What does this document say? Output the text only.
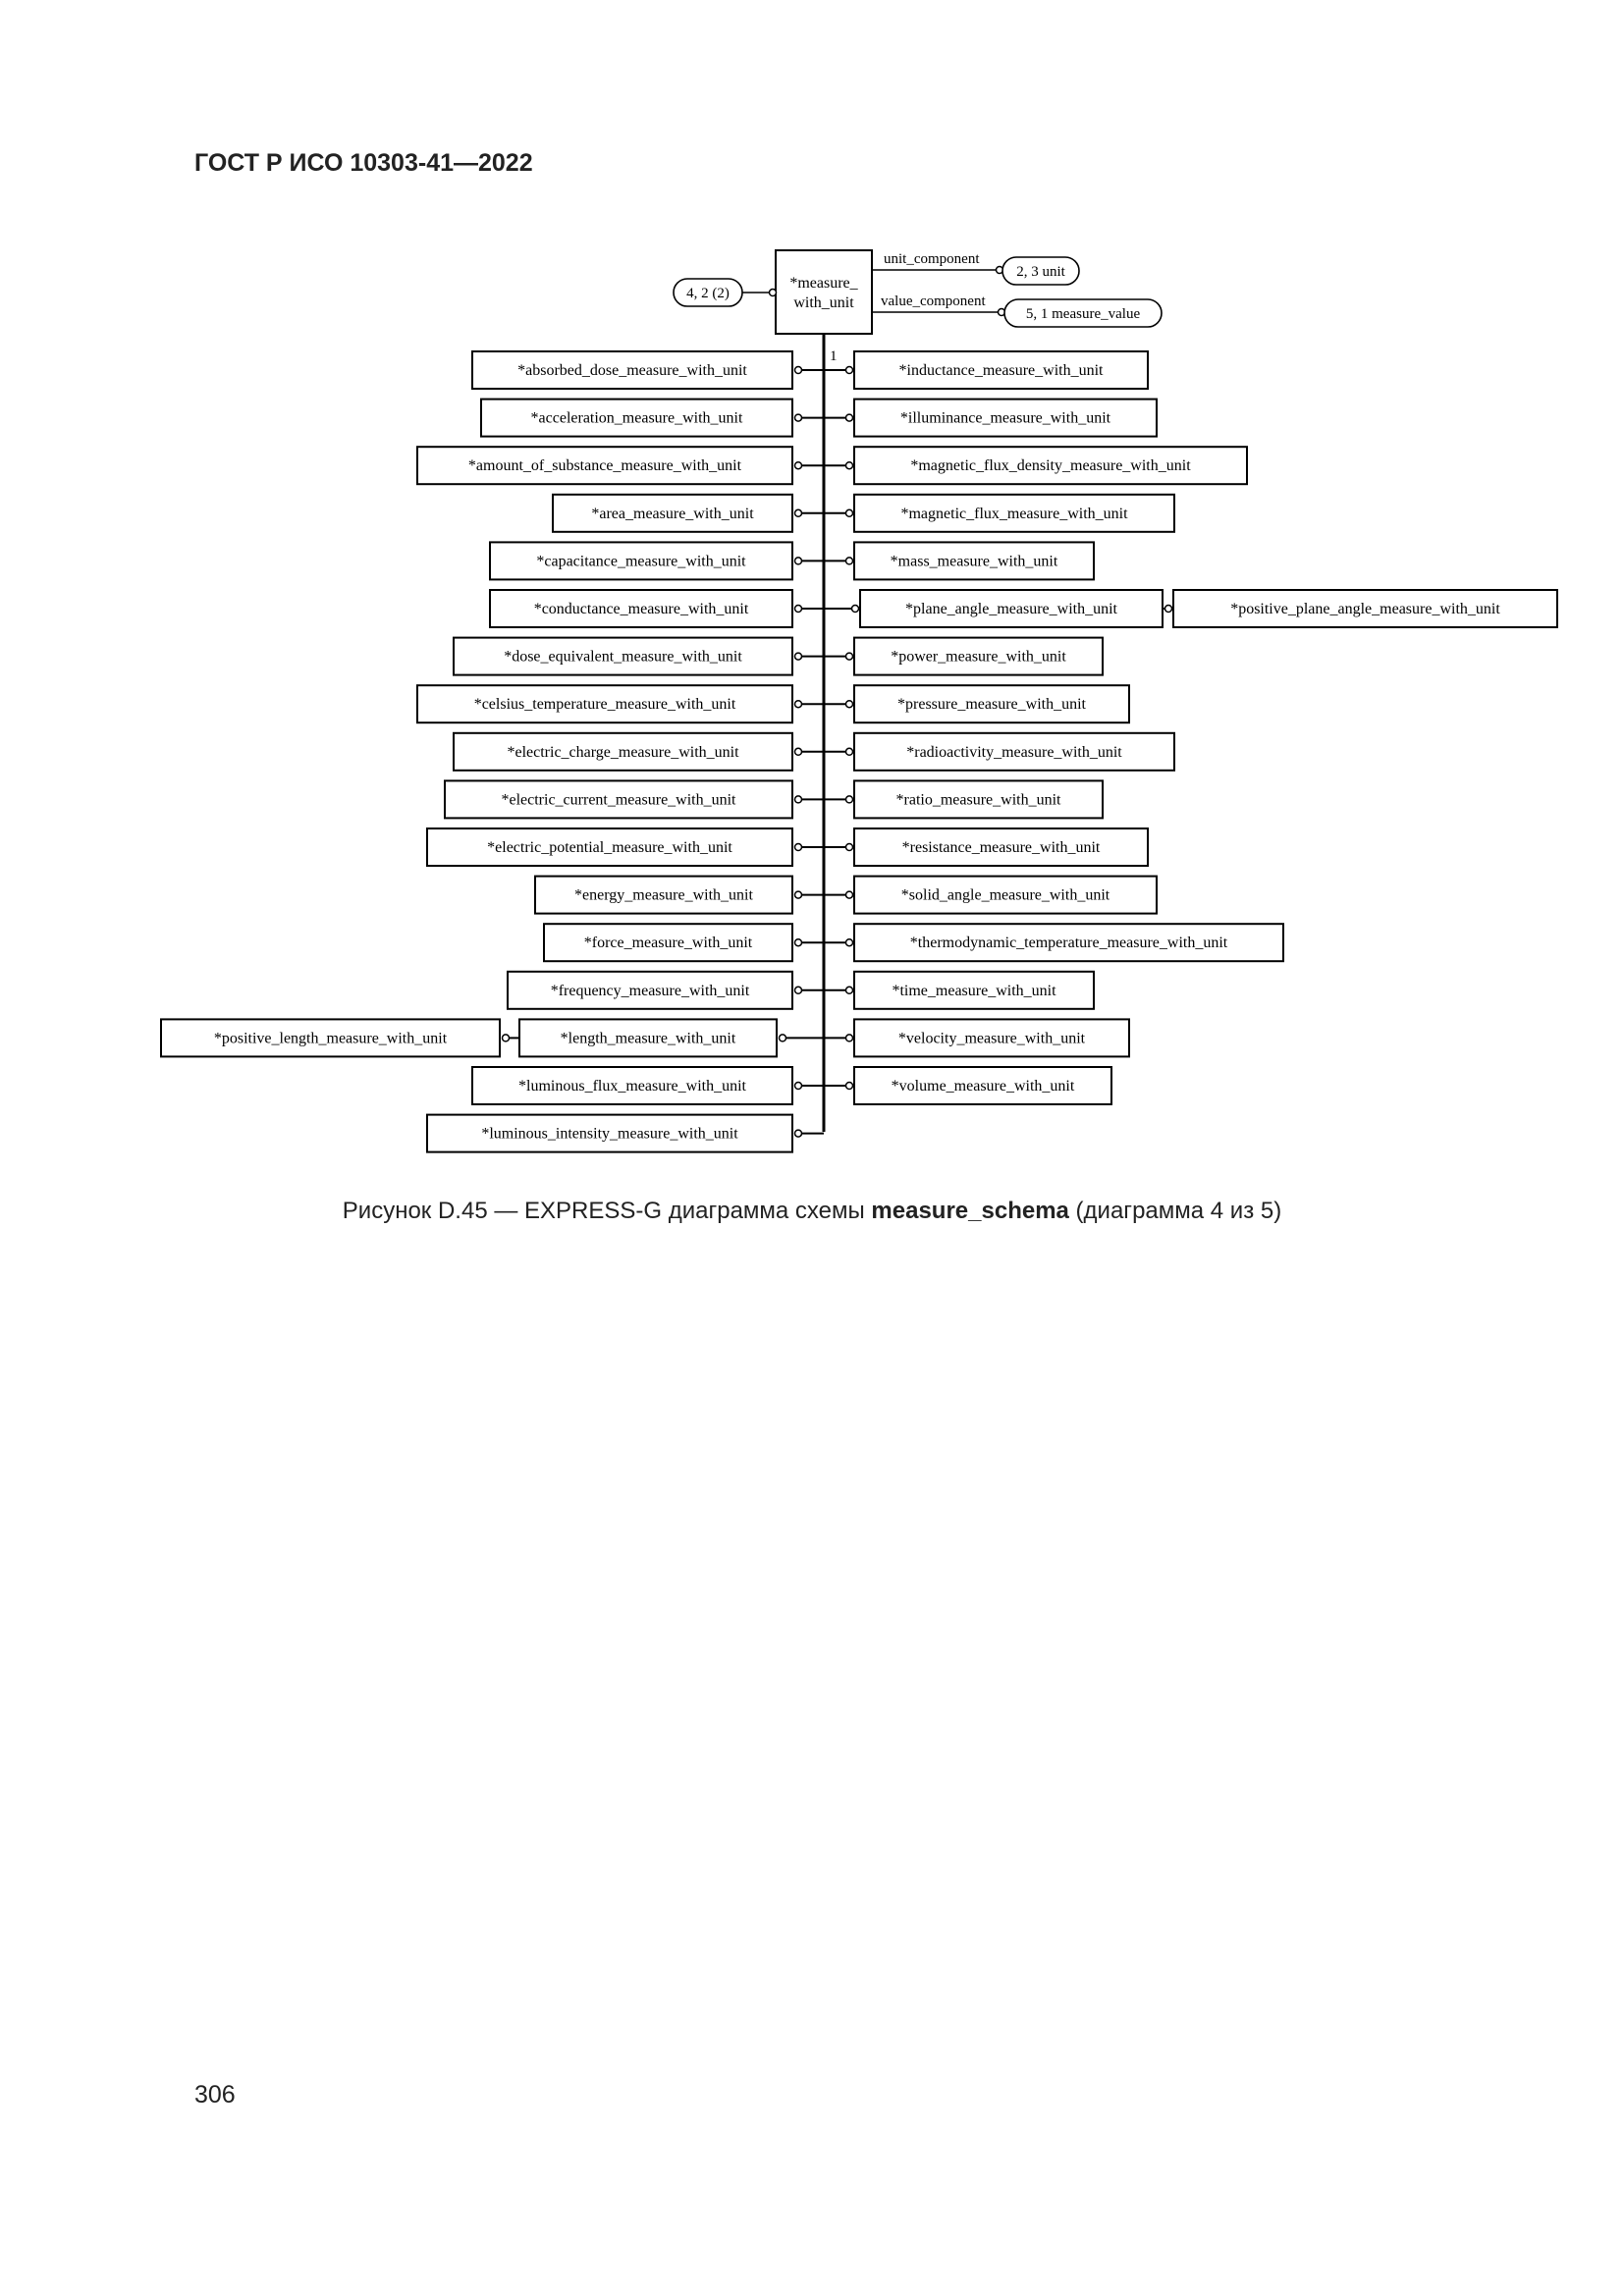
ГОСТ Р ИСО 10303-41—2022
*measure_
with_unit
4, 2 (2)
unit_component
2, 3 unit
value_component
5, 1 measure_value
1
*absorbed_dose_measure_with_unit
*acceleration_measure_with_unit
*amount_of_substance_measure_with_unit
*area_measure_with_unit
*capacitance_measure_with_unit
*conductance_measure_with_unit
*dose_equivalent_measure_with_unit
*celsius_temperature_measure_with_unit
*electric_charge_measure_with_unit
*electric_current_measure_with_unit
*electric_potential_measure_with_unit
*energy_measure_with_unit
*force_measure_with_unit
*frequency_measure_with_unit
*length_measure_with_unit
*luminous_flux_measure_with_unit
*luminous_intensity_measure_with_unit
*inductance_measure_with_unit
*illuminance_measure_with_unit
*magnetic_flux_density_measure_with_unit
*magnetic_flux_measure_with_unit
*mass_measure_with_unit
*plane_angle_measure_with_unit
*power_measure_with_unit
*pressure_measure_with_unit
*radioactivity_measure_with_unit
*ratio_measure_with_unit
*resistance_measure_with_unit
*solid_angle_measure_with_unit
*thermodynamic_temperature_measure_with_unit
*time_measure_with_unit
*velocity_measure_with_unit
*volume_measure_with_unit
*positive_length_measure_with_unit
*positive_plane_angle_measure_with_unit
Рисунок D.45 — EXPRESS-G диаграмма схемы measure_schema (диаграмма 4 из 5)
306
